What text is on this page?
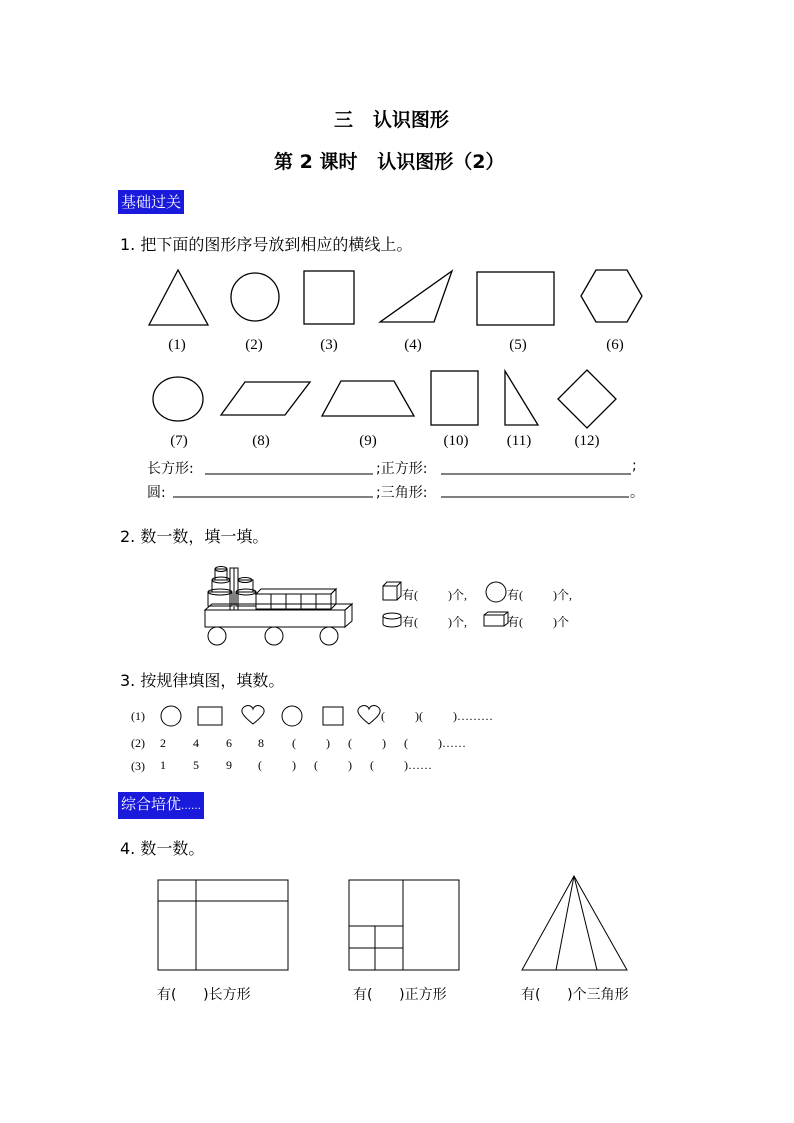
三   认识图形
第 2 课时   认识图形（2）
基础过关
1. 把下面的图形序号放到相应的横线上。
(1)	(2)	(3)	(4)	(5)	(6)
(7)	(8)	(9)	(10)	(11)	(12)
长方形:	;正方形:	;
圆:	;三角形:	。
2. 数一数，填一填。
有(          )个,	有(          )个,
有(          )个,	有(          )个
3. 按规律填图，填数。
(1)	(          )(          )………
(2) 2 4 6 8 (          )      (          )      (          )……
(3) 1 5 9 (          )      (          )      (          )……
综合培优……
4. 数一数。
有(      )长方形	有(      )正方形	有(      )个三角形
